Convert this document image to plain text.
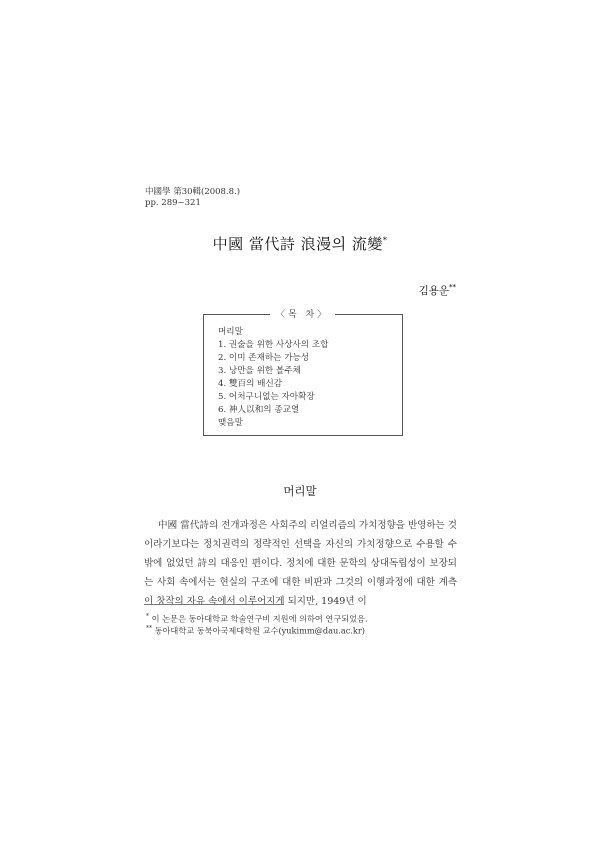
中國學 第30輯(2008.8.)
pp. 289~321
中國 當代詩 浪漫의 流變*
김용운**
〈목 차〉
머리말
1. 권술을 위한 사상사의 조합
2. 이미 존재하는 가능성
3. 낭만을 위한 볼주체
4. 雙百의 배신감
5. 어처구니없는 자아확장
6. 神人以和의 종교열
맺음말
머리말

中國 當代詩의 전개과정은 사회주의 리얼리즘의 가치정향을 반영하는 것이라기보다는 정치권력의 정략적인 선택을 자신의 가치정향으로 수용할 수밖에 없었던 詩의 대응인 편이다. 정치에 대한 문학의 상대독립성이 보장되는 사회 속에서는 현실의 구조에 대한 비판과 그것의 이행과정에 대한 계측이 창작의 자유 속에서 이루어지게 되지만, 1949년 이

* 이 논문은 동아대학교 학술연구비 지원에 의하여 연구되었음.
** 동아대학교 동북아국제대학원 교수(yukimm@dau.ac.kr)
